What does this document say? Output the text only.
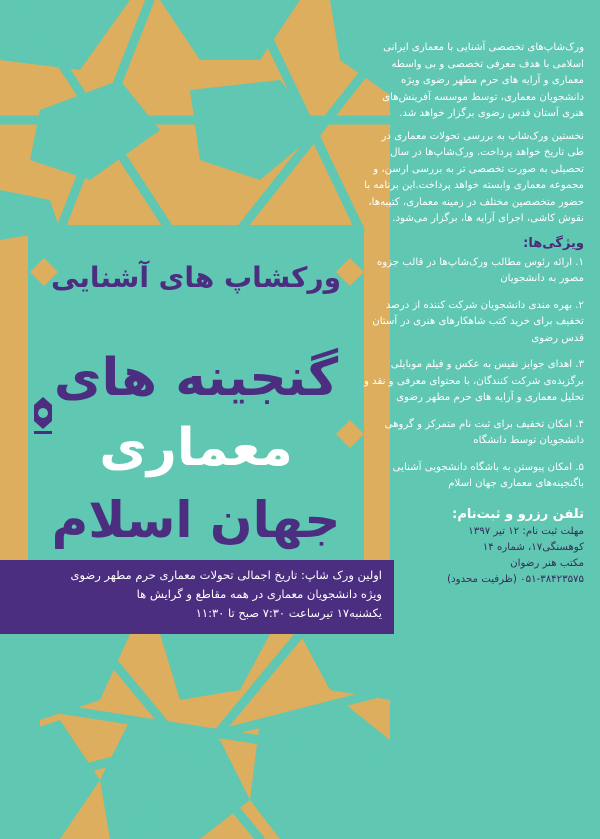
ورکشاپ های آشنایی
گنجینه های
معماری
جهان اسلام

اولین ورک شاپ: تاریخ اجمالی تحولات معماری حرم مطهر رضوی

ویژه دانشجویان معماری در همه مقاطع و گرایش ها

یکشنبه۱۷ تیرساعت ۷:۳۰ صبح تا ۱۱:۳۰

ورک‌شاپ‌های تخصصی آشنایی با معماری ایرانی اسلامی با هدف معرفی تخصصی و بی واسطه معماری و آرایه های حرم مطهر رضوی ویژه دانشجویان معماری، توسط موسسه آفرینش‌های هنری آستان قدس رضوی برگزار خواهد شد.

نخستین ورک‌شاپ به بررسی تحولات معماری در طی تاریخ خواهد پرداخت. ورک‌شاپ‌ها در سال تحصیلی به صورت تخصصی تر به بررسی ارسن، و مجموعه معماری وابسته خواهد پرداخت.این برنامه با حضور متخصصین مختلف در زمینه معماری، کتیبه‌ها، نقوش کاشی، اجرای آرایه ها، برگزار می‌شود.

ویژگی‌ها:

۱. ارائه رئوس مطالب ورک‌شاپ‌ها در قالب جزوه مصور به دانشجویان

۲. بهره مندی دانشجویان شرکت کننده از درصد تخفیف برای خرید کتب شاهکارهای هنری در آستان قدس رضوی

۳. اهدای جوایز نفیس به عکس و فیلم موبایلی برگزیده‌ی شرکت کنندگان، با محتوای معرفی و نقد و تحلیل معماری و آرایه های حرم مطهر رضوی

۴. امکان تخفیف برای ثبت نام متمرکز و گروهی دانشجویان توسط دانشگاه

۵. امکان پیوستن به باشگاه دانشجویی آشنایی باگنجینه‌های معماری جهان اسلام

تلفن رزرو و ثبت‌نام:

مهلت ثبت نام: ۱۲ تیر ۱۳۹۷

کوهسنگی۱۷، شماره ۱۴

مکتب هنر رضوان

۰۵۱-۳۸۴۲۳۵۷۵ (ظرفیت محدود)
